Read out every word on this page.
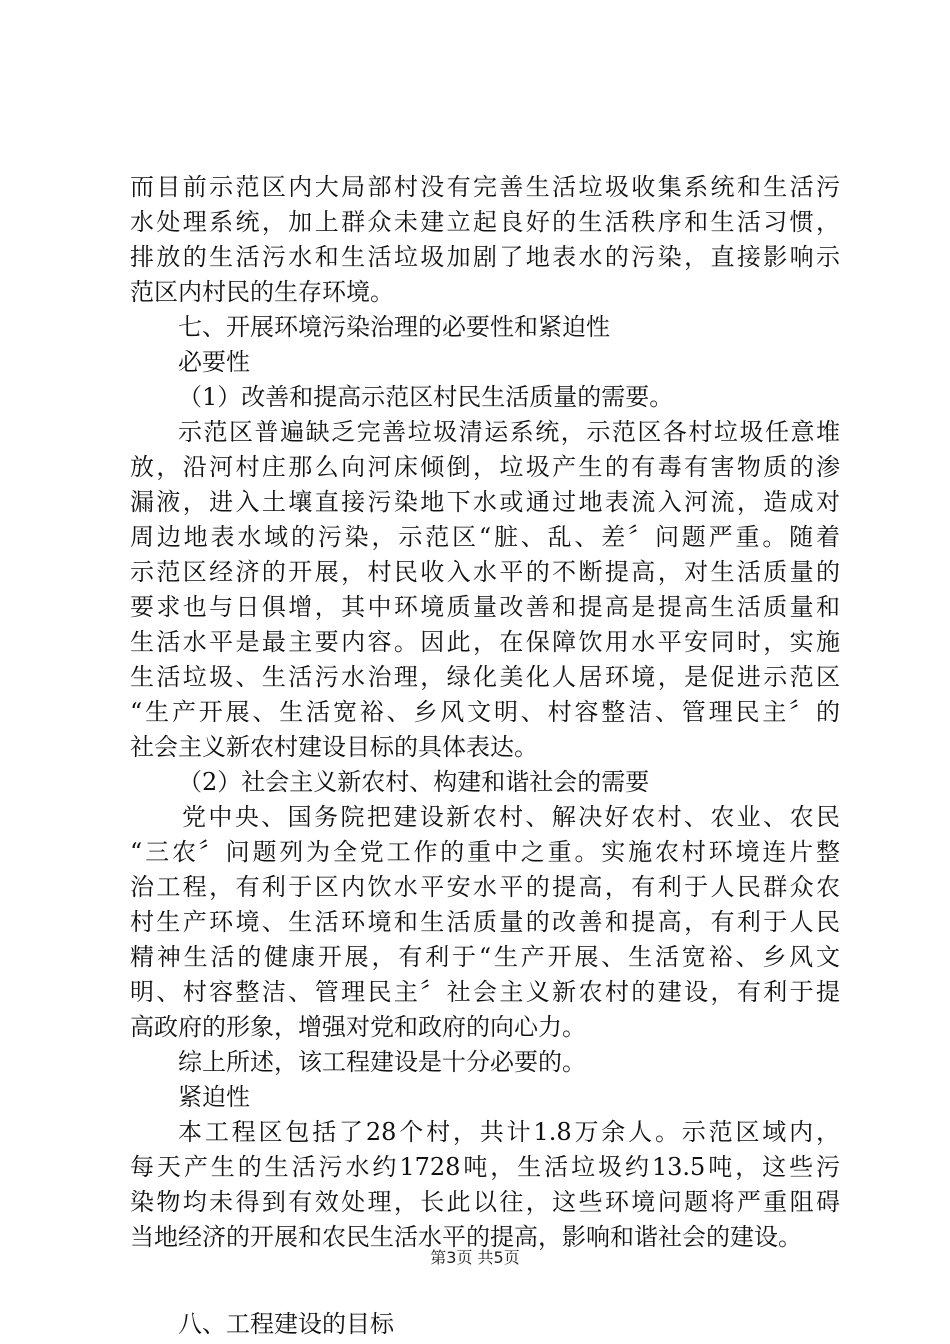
而目前示范区内大局部村没有完善生活垃圾收集系统和生活污
水处理系统，加上群众未建立起良好的生活秩序和生活习惯，
排放的生活污水和生活垃圾加剧了地表水的污染，直接影响示
范区内村民的生存环境。
七、开展环境污染治理的必要性和紧迫性
必要性
（1）改善和提高示范区村民生活质量的需要。
示范区普遍缺乏完善垃圾清运系统，示范区各村垃圾任意堆
放，沿河村庄那么向河床倾倒，垃圾产生的有毒有害物质的渗
漏液，进入土壤直接污染地下水或通过地表流入河流，造成对
周边地表水域的污染，示范区“脏、乱、差〞问题严重。随着
示范区经济的开展，村民收入水平的不断提高，对生活质量的
要求也与日俱增，其中环境质量改善和提高是提高生活质量和
生活水平是最主要内容。因此，在保障饮用水平安同时，实施
生活垃圾、生活污水治理，绿化美化人居环境，是促进示范区
“生产开展、生活宽裕、乡风文明、村容整洁、管理民主〞的
社会主义新农村建设目标的具体表达。
（2）社会主义新农村、构建和谐社会的需要
党中央、国务院把建设新农村、解决好农村、农业、农民
“三农〞问题列为全党工作的重中之重。实施农村环境连片整
治工程，有利于区内饮水平安水平的提高，有利于人民群众农
村生产环境、生活环境和生活质量的改善和提高，有利于人民
精神生活的健康开展，有利于“生产开展、生活宽裕、乡风文
明、村容整洁、管理民主〞社会主义新农村的建设，有利于提
高政府的形象，增强对党和政府的向心力。
综上所述，该工程建设是十分必要的。
紧迫性
本工程区包括了28个村，共计1.8万余人。示范区域内，
每天产生的生活污水约1728吨，生活垃圾约13.5吨，这些污
染物均未得到有效处理，长此以往，这些环境问题将严重阻碍
当地经济的开展和农民生活水平的提高，影响和谐社会的建设。
八、工程建设的目标
第3页 共5页
